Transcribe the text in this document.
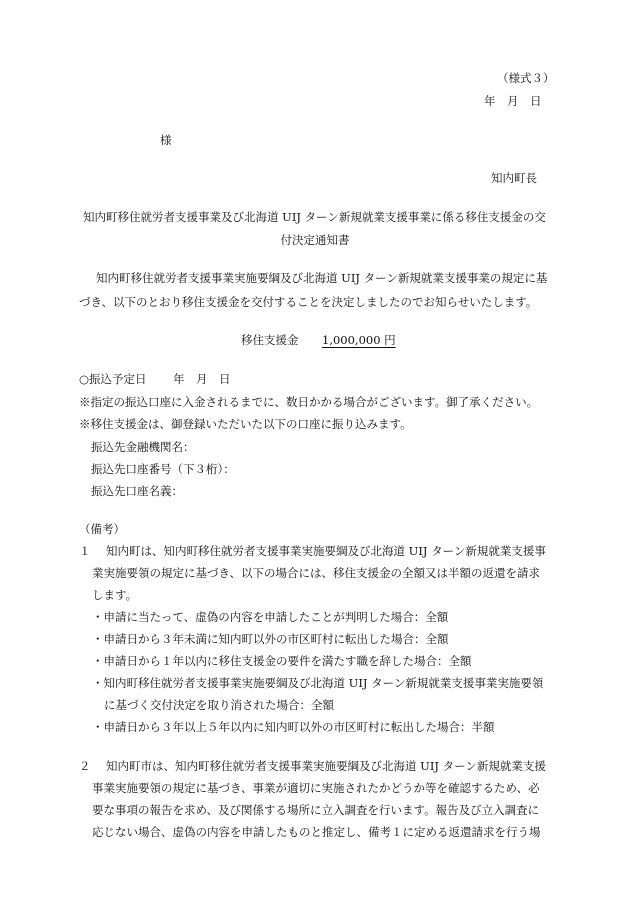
（様式３）
年　月　日
様
知内町長
知内町移住就労者支援事業及び北海道 UIJ ターン新規就業支援事業に係る移住支援金の交
付決定通知書
知内町移住就労者支援事業実施要綱及び北海道 UIJ ターン新規就業支援事業の規定に基
づき、以下のとおり移住支援金を交付することを決定しましたのでお知らせいたします。
移住支援金 1,000,000 円
○振込予定日 年　月　日
※指定の振込口座に入金されるまでに、数日かかる場合がございます。御了承ください。
※移住支援金は、御登録いただいた以下の口座に振り込みます。
振込先金融機関名：
振込先口座番号（下３桁）：
振込先口座名義：
（備考）
１ 知内町は、知内町移住就労者支援事業実施要綱及び北海道 UIJ ターン新規就業支援事
業実施要領の規定に基づき、以下の場合には、移住支援金の全額又は半額の返還を請求
します。
・申請に当たって、虚偽の内容を申請したことが判明した場合：全額
・申請日から３年未満に知内町以外の市区町村に転出した場合：全額
・申請日から１年以内に移住支援金の要件を満たす職を辞した場合：全額
・知内町移住就労者支援事業実施要綱及び北海道 UIJ ターン新規就業支援事業実施要領
に基づく交付決定を取り消された場合：全額
・申請日から３年以上５年以内に知内町以外の市区町村に転出した場合：半額
２ 知内町市は、知内町移住就労者支援事業実施要綱及び北海道 UIJ ターン新規就業支援
事業実施要領の規定に基づき、事業が適切に実施されたかどうか等を確認するため、必
要な事項の報告を求め、及び関係する場所に立入調査を行います。報告及び立入調査に
応じない場合、虚偽の内容を申請したものと推定し、備考１に定める返還請求を行う場
